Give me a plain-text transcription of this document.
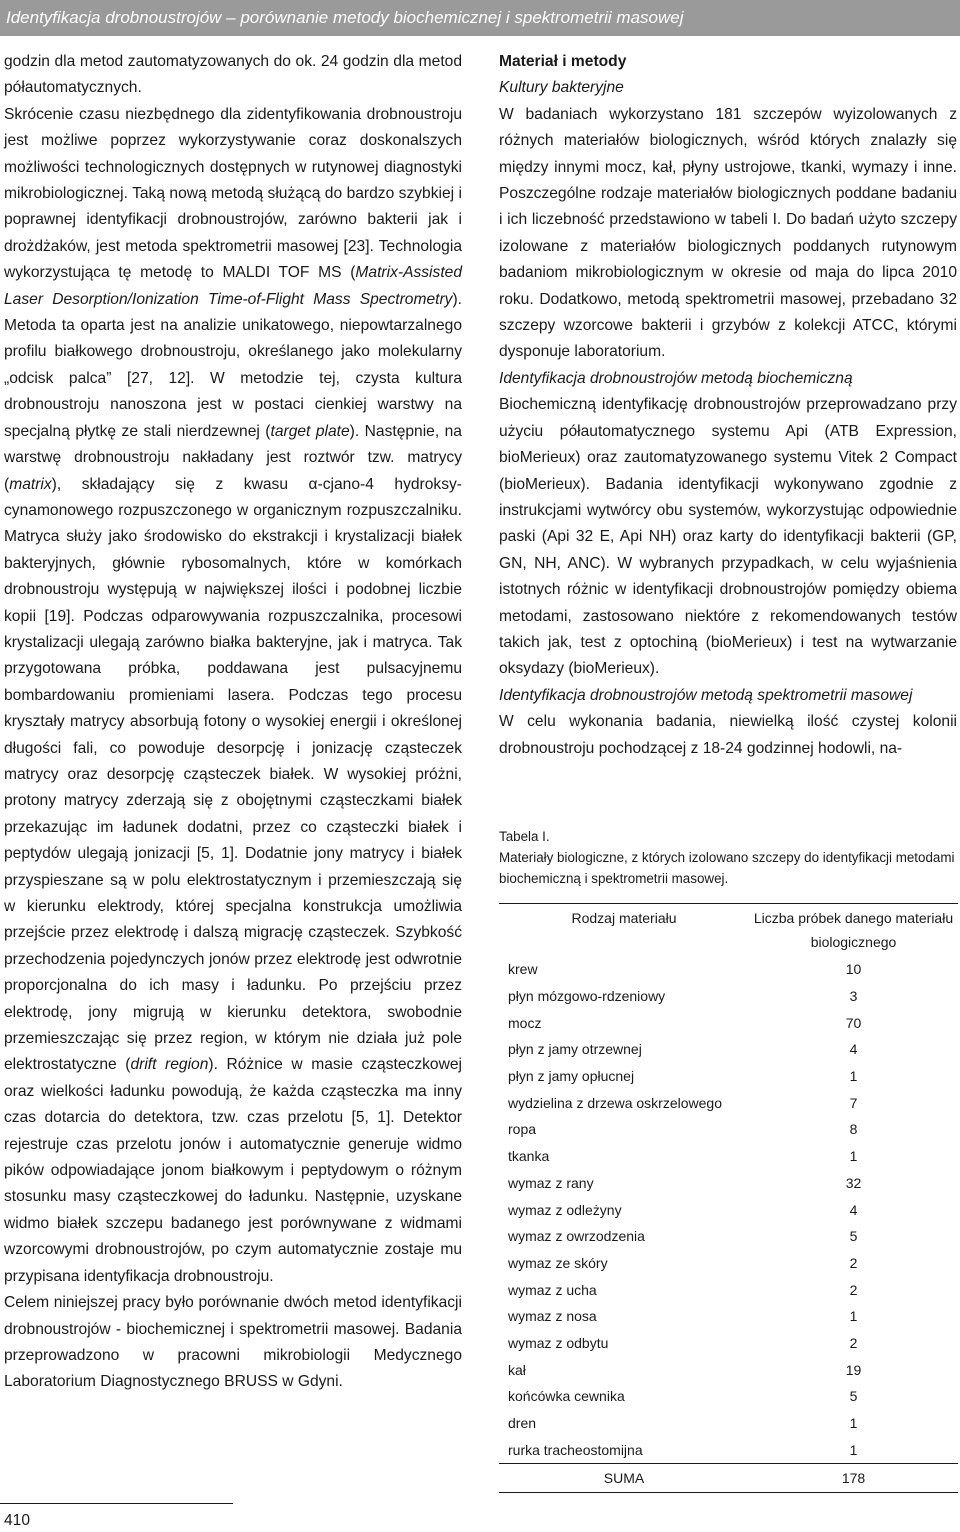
Identyfikacja drobnoustrojów – porównanie metody biochemicznej i spektrometrii masowej

godzin dla metod zautomatyzowanych do ok. 24 godzin dla metod półautomatycznych.

Skrócenie czasu niezbędnego dla zidentyfikowania drobnoustroju jest możliwe poprzez wykorzystywanie coraz doskonalszych możliwości technologicznych dostępnych w rutynowej diagnostyki mikrobiologicznej. Taką nową metodą służącą do bardzo szybkiej i poprawnej identyfikacji drobnoustrojów, zarówno bakterii jak i drożdżaków, jest metoda spektrometrii masowej [23]. Technologia wykorzystująca tę metodę to MALDI TOF MS (Matrix-Assisted Laser Desorption/Ionization Time-of-Flight Mass Spectrometry). Metoda ta oparta jest na analizie unikatowego, niepowtarzalnego profilu białkowego drobnoustroju, określanego jako molekularny „odcisk palca” [27, 12]. W metodzie tej, czysta kultura drobnoustroju nanoszona jest w postaci cienkiej warstwy na specjalną płytkę ze stali nierdzewnej (target plate). Następnie, na warstwę drobnoustroju nakładany jest roztwór tzw. matrycy (matrix), składający się z kwasu α-cjano-4 hydroksy-cynamonowego rozpuszczonego w organicznym rozpuszczalniku. Matryca służy jako środowisko do ekstrakcji i krystalizacji białek bakteryjnych, głównie rybosomalnych, które w komórkach drobnoustroju występują w największej ilości i podobnej liczbie kopii [19]. Podczas odparowywania rozpuszczalnika, procesowi krystalizacji ulegają zarówno białka bakteryjne, jak i matryca. Tak przygotowana próbka, poddawana jest pulsacyjnemu bombardowaniu promieniami lasera. Podczas tego procesu kryształy matrycy absorbują fotony o wysokiej energii i określonej długości fali, co powoduje desorpcję i jonizację cząsteczek matrycy oraz desorpcję cząsteczek białek. W wysokiej próżni, protony matrycy zderzają się z obojętnymi cząsteczkami białek przekazując im ładunek dodatni, przez co cząsteczki białek i peptydów ulegają jonizacji [5, 1]. Dodatnie jony matrycy i białek przyspieszane są w polu elektrostatycznym i przemieszczają się w kierunku elektrody, której specjalna konstrukcja umożliwia przejście przez elektrodę i dalszą migrację cząsteczek. Szybkość przechodzenia pojedynczych jonów przez elektrodę jest odwrotnie proporcjonalna do ich masy i ładunku. Po przejściu przez elektrodę, jony migrują w kierunku detektora, swobodnie przemieszczając się przez region, w którym nie działa już pole elektrostatyczne (drift region). Różnice w masie cząsteczkowej oraz wielkości ładunku powodują, że każda cząsteczka ma inny czas dotarcia do detektora, tzw. czas przelotu [5, 1]. Detektor rejestruje czas przelotu jonów i automatycznie generuje widmo pików odpowiadające jonom białkowym i peptydowym o różnym stosunku masy cząsteczkowej do ładunku. Następnie, uzyskane widmo białek szczepu badanego jest porównywane z widmami wzorcowymi drobnoustrojów, po czym automatycznie zostaje mu przypisana identyfikacja drobnoustroju.

Celem niniejszej pracy było porównanie dwóch metod identyfikacji drobnoustrojów - biochemicznej i spektrometrii masowej. Badania przeprowadzono w pracowni mikrobiologii Medycznego Laboratorium Diagnostycznego BRUSS w Gdyni.

Materiał i metody

Kultury bakteryjne

W badaniach wykorzystano 181 szczepów wyizolowanych z różnych materiałów biologicznych, wśród których znalazły się między innymi mocz, kał, płyny ustrojowe, tkanki, wymazy i inne. Poszczególne rodzaje materiałów biologicznych poddane badaniu i ich liczebność przedstawiono w tabeli I. Do badań użyto szczepy izolowane z materiałów biologicznych poddanych rutynowym badaniom mikrobiologicznym w okresie od maja do lipca 2010 roku. Dodatkowo, metodą spektrometrii masowej, przebadano 32 szczepy wzorcowe bakterii i grzybów z kolekcji ATCC, którymi dysponuje laboratorium.

Identyfikacja drobnoustrojów metodą biochemiczną

Biochemiczną identyfikację drobnoustrojów przeprowadzano przy użyciu półautomatycznego systemu Api (ATB Expression, bioMerieux) oraz zautomatyzowanego systemu Vitek 2 Compact (bioMerieux). Badania identyfikacji wykonywano zgodnie z instrukcjami wytwórcy obu systemów, wykorzystując odpowiednie paski (Api 32 E, Api NH) oraz karty do identyfikacji bakterii (GP, GN, NH, ANC). W wybranych przypadkach, w celu wyjaśnienia istotnych różnic w identyfikacji drobnoustrojów pomiędzy obiema metodami, zastosowano niektóre z rekomendowanych testów takich jak, test z optochiną (bioMerieux) i test na wytwarzanie oksydazy (bioMerieux).

Identyfikacja drobnoustrojów metodą spektrometrii masowej

W celu wykonania badania, niewielką ilość czystej kolonii drobnoustroju pochodzącej z 18-24 godzinnej hodowli, na-

Tabela I.

Materiały biologiczne, z których izolowano szczepy do identyfikacji metodami biochemiczną i spektrometrii masowej.

Rodzaj materiału	Liczba próbek danego materiału biologicznego
krew	10
płyn mózgowo-rdzeniowy	3
mocz	70
płyn z jamy otrzewnej	4
płyn z jamy opłucnej	1
wydzielina z drzewa oskrzelowego	7
ropa	8
tkanka	1
wymaz z rany	32
wymaz z odleżyny	4
wymaz z owrzodzenia	5
wymaz ze skóry	2
wymaz z ucha	2
wymaz z nosa	1
wymaz z odbytu	2
kał	19
końcówka cewnika	5
dren	1
rurka tracheostomijna	1
SUMA	178
410
